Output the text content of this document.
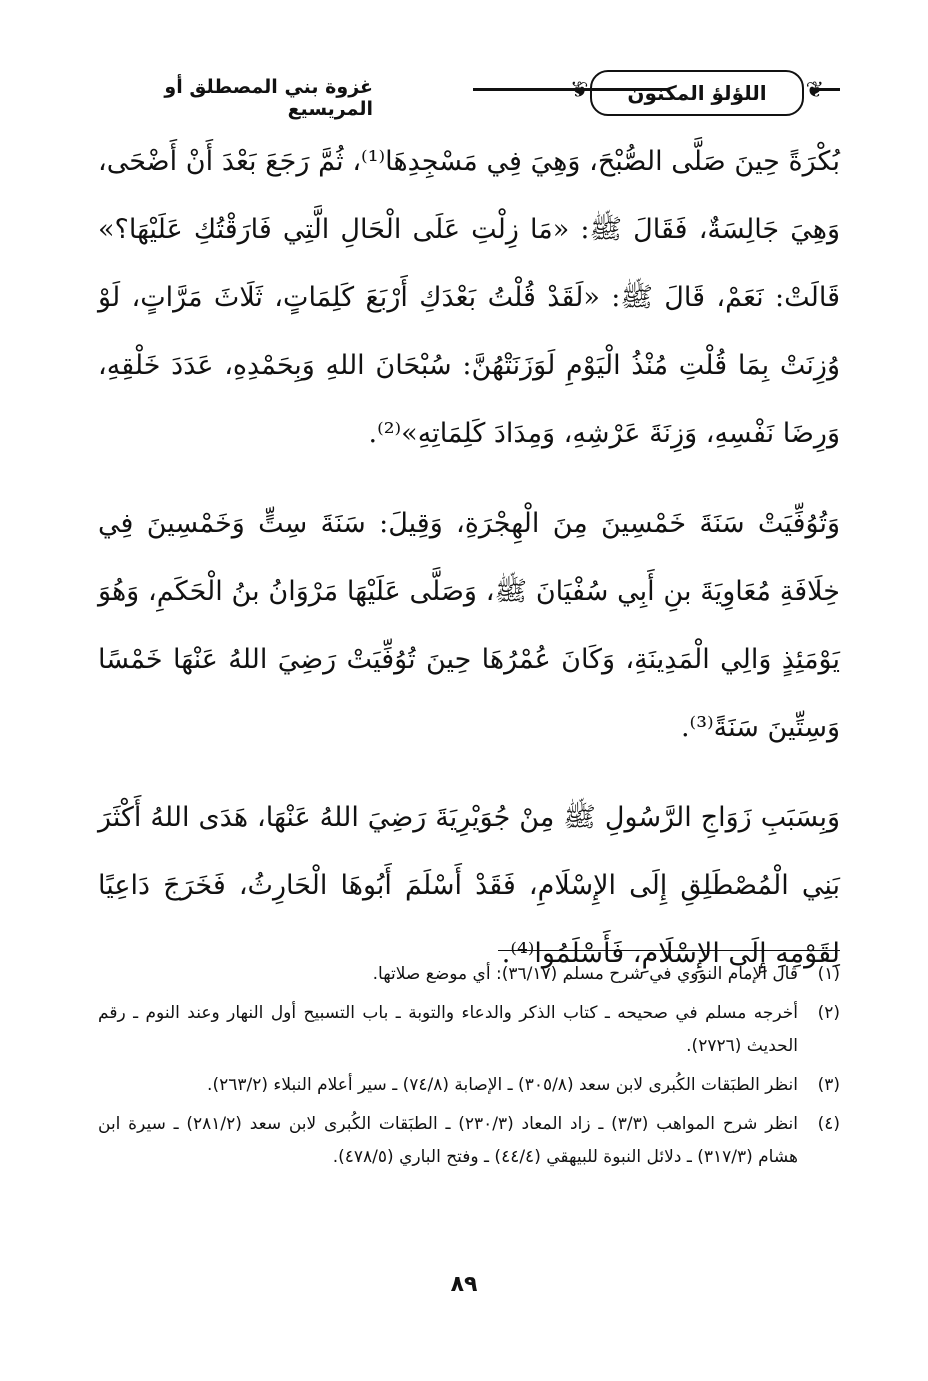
❦ اللؤلؤ المكنون
❦
غزوة بني المصطلق أو المريسيع

بُكْرَةً حِينَ صَلَّى الصُّبْحَ، وَهِيَ فِي مَسْجِدِهَا⁽¹⁾، ثُمَّ رَجَعَ بَعْدَ أَنْ أَضْحَى، وَهِيَ جَالِسَةٌ، فَقَالَ ﷺ: «مَا زِلْتِ عَلَى الْحَالِ الَّتِي فَارَقْتُكِ عَلَيْهَا؟» قَالَتْ: نَعَمْ، قَالَ ﷺ: «لَقَدْ قُلْتُ بَعْدَكِ أَرْبَعَ كَلِمَاتٍ، ثَلَاثَ مَرَّاتٍ، لَوْ وُزِنَتْ بِمَا قُلْتِ مُنْذُ الْيَوْمِ لَوَزَنَتْهُنَّ: سُبْحَانَ اللهِ وَبِحَمْدِهِ، عَدَدَ خَلْقِهِ، وَرِضَا نَفْسِهِ، وَزِنَةَ عَرْشِهِ، وَمِدَادَ كَلِمَاتِهِ»⁽²⁾.

وَتُوُفِّيَتْ سَنَةَ خَمْسِينَ مِنَ الْهِجْرَةِ، وَقِيلَ: سَنَةَ سِتٍّ وَخَمْسِينَ فِي خِلَافَةِ مُعَاوِيَةَ بنِ أَبِي سُفْيَانَ ﷺ، وَصَلَّى عَلَيْهَا مَرْوَانُ بنُ الْحَكَمِ، وَهُوَ يَوْمَئِذٍ وَالِي الْمَدِينَةِ، وَكَانَ عُمْرُهَا حِينَ تُوُفِّيَتْ رَضِيَ اللهُ عَنْهَا خَمْسًا وَسِتِّينَ سَنَةً⁽³⁾.

وَبِسَبَبِ زَوَاجِ الرَّسُولِ ﷺ مِنْ جُوَيْرِيَةَ رَضِيَ اللهُ عَنْهَا، هَدَى اللهُ أَكْثَرَ بَنِي الْمُصْطَلِقِ إِلَى الإِسْلَامِ، فَقَدْ أَسْلَمَ أَبُوهَا الْحَارِثُ، فَخَرَجَ دَاعِيًا لِقَوْمِهِ إِلَى الإِسْلَامِ، فَأَسْلَمُوا⁽⁴⁾.

(١)
قال الإمام النووي في شرح مسلم (٣٦/١٧): أي موضع صلاتها.
(٢)
أخرجه مسلم في صحيحه ـ كتاب الذكر والدعاء والتوبة ـ باب التسبيح أول النهار وعند النوم ـ رقم الحديث (٢٧٢٦).
(٣)
انظر الطبَقات الكُبرى لابن سعد (٣٠٥/٨) ـ الإصابة (٧٤/٨) ـ سير أعلام النبلاء (٢٦٣/٢).
(٤)
انظر شرح المواهب (٣/٣) ـ زاد المعاد (٢٣٠/٣) ـ الطبَقات الكُبرى لابن سعد (٢٨١/٢) ـ سيرة ابن هشام (٣١٧/٣) ـ دلائل النبوة للبيهقي (٤٤/٤) ـ وفتح الباري (٤٧٨/٥).
٨٩
